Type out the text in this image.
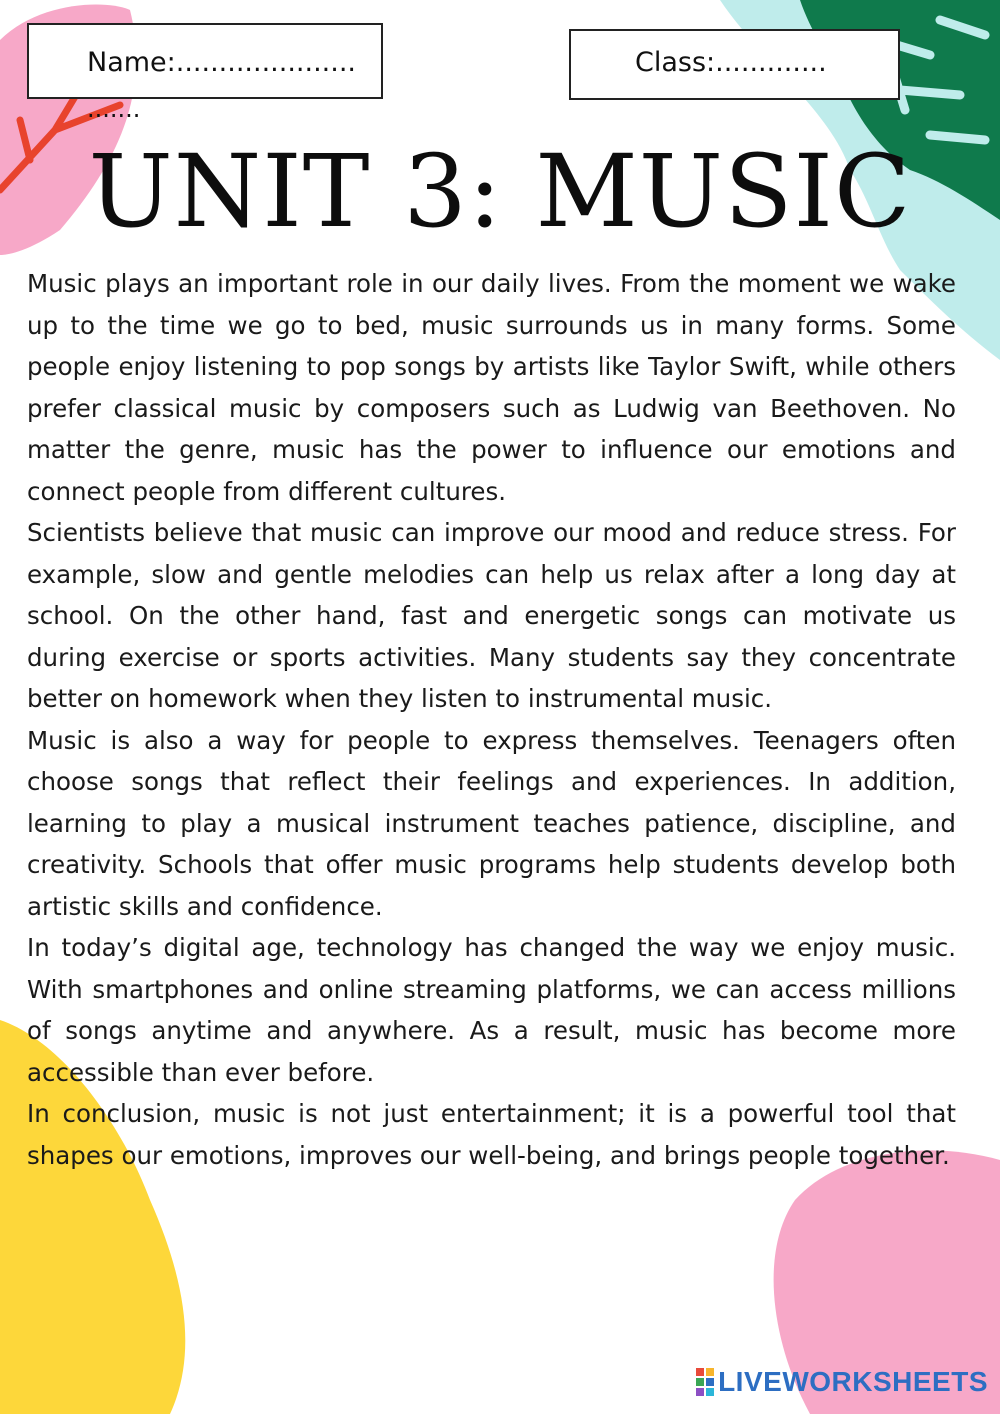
Name:.....................
.......
Class:.............
UNIT 3: MUSIC

Music plays an important role in our daily lives. From the moment we wake up to the time we go to bed, music surrounds us in many forms. Some people enjoy listening to pop songs by artists like Taylor Swift, while others prefer classical music by composers such as Ludwig van Beethoven. No matter the genre, music has the power to influence our emotions and connect people from different cultures.

Scientists believe that music can improve our mood and reduce stress. For example, slow and gentle melodies can help us relax after a long day at school. On the other hand, fast and energetic songs can motivate us during exercise or sports activities. Many students say they concentrate better on homework when they listen to instrumental music.

Music is also a way for people to express themselves. Teenagers often choose songs that reflect their feelings and experiences. In addition, learning to play a musical instrument teaches patience, discipline, and creativity. Schools that offer music programs help students develop both artistic skills and confidence.

In today’s digital age, technology has changed the way we enjoy music. With smartphones and online streaming platforms, we can access millions of songs anytime and anywhere. As a result, music has become more accessible than ever before.

In conclusion, music is not just entertainment; it is a powerful tool that shapes our emotions, improves our well-being, and brings people together.

LIVEWORKSHEETS
